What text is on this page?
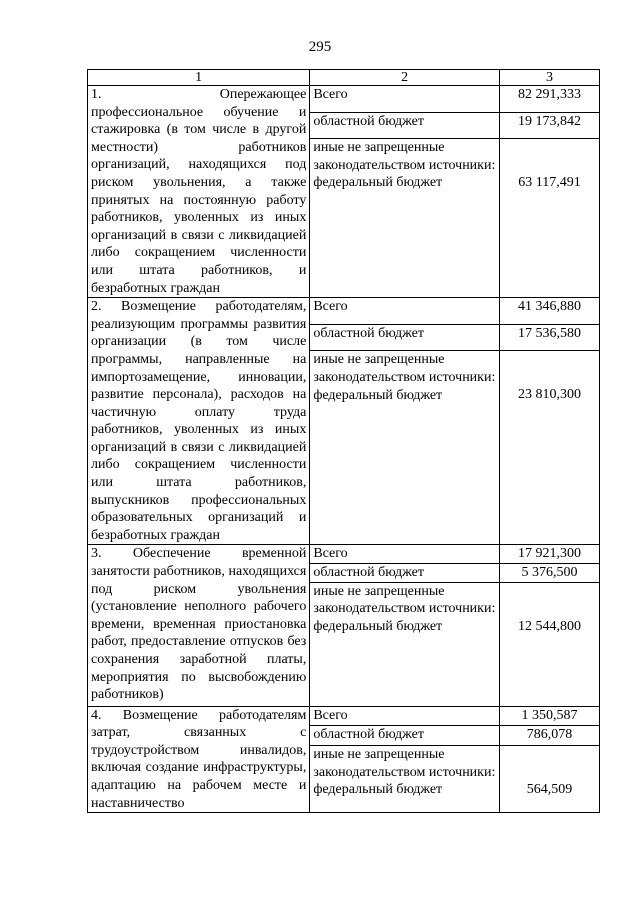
295
1	2	3
1. Опережающее профессиональное обучение и стажировка (в том числе в другой местности) работников организаций, находящихся под риском увольнения, а также принятых на постоянную работу работников, уволенных из иных организаций в связи с ликвидацией либо сокращением численности или штата работников, и безработных граждан	Всего	82 291,333
	областной бюджет	19 173,842
	иные не запрещенные законодательством источники: федеральный бюджет	63 117,491

2. Возмещение работодателям, реализующим программы развития организации (в том числе программы, направленные на импортозамещение, инновации, развитие персонала), расходов на частичную оплату труда работников, уволенных из иных организаций в связи с ликвидацией либо сокращением численности или штата работников, выпускников профессиональных образовательных организаций и безработных граждан	Всего	41 346,880
	областной бюджет	17 536,580
	иные не запрещенные законодательством источники: федеральный бюджет	23 810,300

3. Обеспечение временной занятости работников, находящихся под риском увольнения (установление неполного рабочего времени, временная приостановка работ, предоставление отпусков без сохранения заработной платы, мероприятия по высвобождению работников)	Всего	17 921,300
	областной бюджет	5 376,500
	иные не запрещенные законодательством источники: федеральный бюджет	12 544,800

4. Возмещение работодателям затрат, связанных с трудоустройством инвалидов, включая создание инфраструктуры, адаптацию на рабочем месте и наставничество	Всего	1 350,587
	областной бюджет	786,078
	иные не запрещенные законодательством источники: федеральный бюджет	564,509
